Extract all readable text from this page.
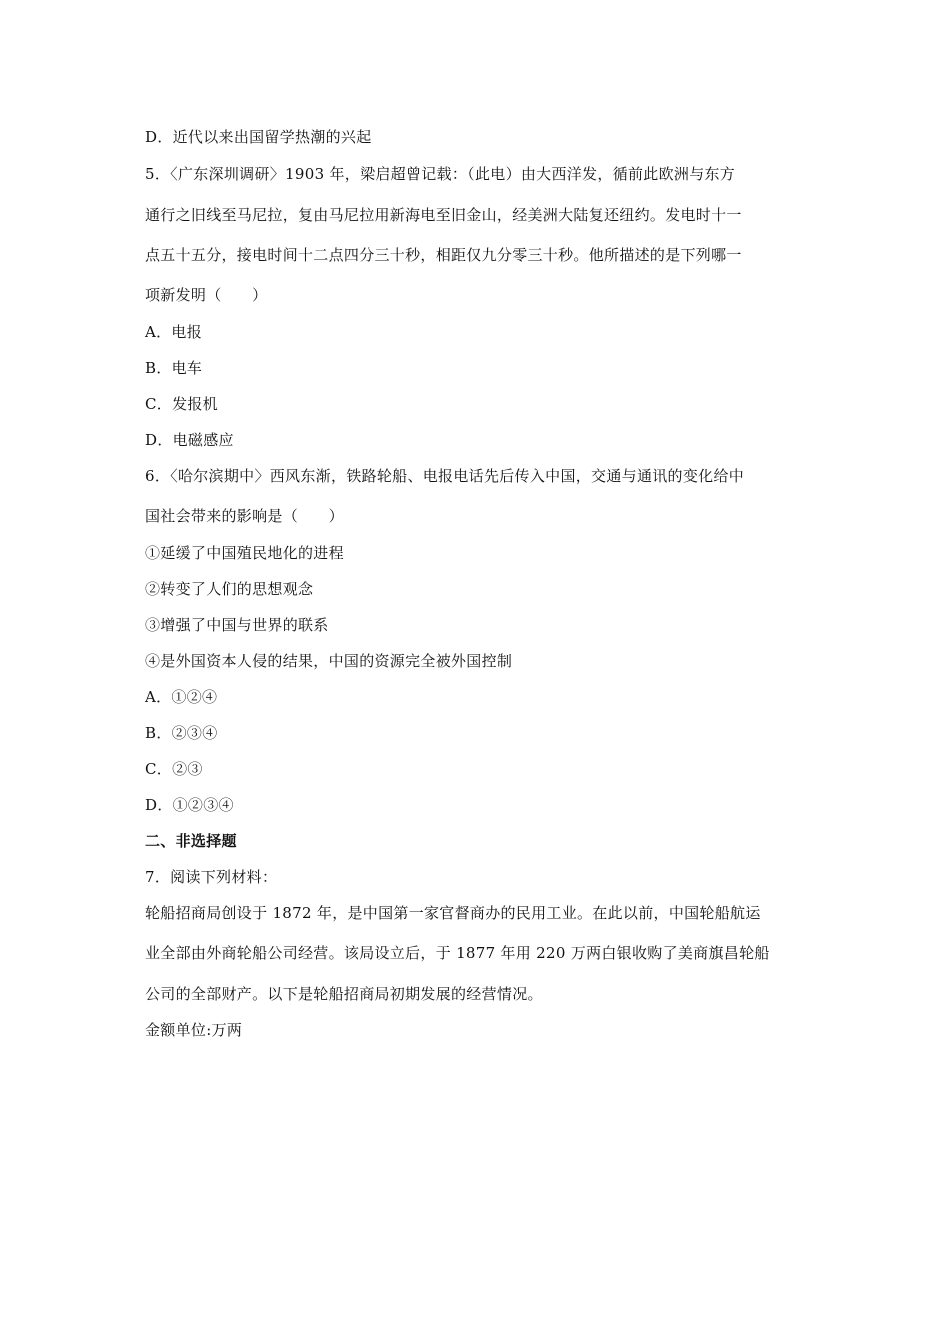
D．近代以来出国留学热潮的兴起
5．〈广东深圳调研〉1903 年，梁启超曾记载：（此电）由大西洋发，循前此欧洲与东方
通行之旧线至马尼拉，复由马尼拉用新海电至旧金山，经美洲大陆复还纽约。发电时十一
点五十五分，接电时间十二点四分三十秒，相距仅九分零三十秒。他所描述的是下列哪一
项新发明（　　）
A．电报
B．电车
C．发报机
D．电磁感应
6．〈哈尔滨期中〉西风东渐，铁路轮船、电报电话先后传入中国，交通与通讯的变化给中
国社会带来的影响是（　　）
①延缓了中国殖民地化的进程
②转变了人们的思想观念
③增强了中国与世界的联系
④是外国资本人侵的结果，中国的资源完全被外国控制
A．①②④
B．②③④
C．②③
D．①②③④
二、非选择题
7．阅读下列材料：
轮船招商局创设于 1872 年，是中国第一家官督商办的民用工业。在此以前，中国轮船航运
业全部由外商轮船公司经营。该局设立后，于 1877 年用 220 万两白银收购了美商旗昌轮船
公司的全部财产。以下是轮船招商局初期发展的经营情况。
金额单位:万两
